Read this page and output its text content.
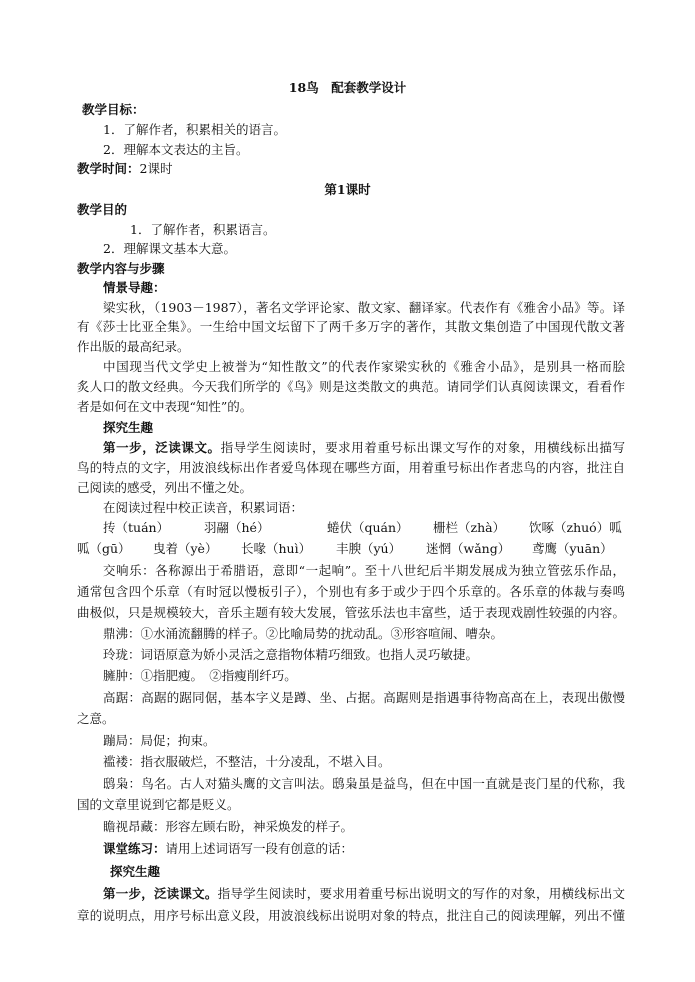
18鸟　配套教学设计
教学目标：
1．了解作者，积累相关的语言。
2．理解本文表达的主旨。
教学时间：2课时
第1课时
教学目的
1．了解作者，积累语言。
2．理解课文基本大意。
教学内容与步骤
情景导趣：
梁实秋，（1903－1987），著名文学评论家、散文家、翻译家。代表作有《雅舍小品》等。译
有《莎士比亚全集》。一生给中国文坛留下了两千多万字的著作，其散文集创造了中国现代散文著
作出版的最高纪录。
中国现当代文学史上被誉为“知性散文”的代表作家梁实秋的《雅舍小品》，是别具一格而脍
炙人口的散文经典。今天我们所学的《鸟》则是这类散文的典范。请同学们认真阅读课文，看看作
者是如何在文中表现“知性”的。
探究生趣
第一步，泛读课文。指导学生阅读时，要求用着重号标出课文写作的对象，用横线标出描写
鸟的特点的文字，用波浪线标出作者爱鸟体现在哪些方面，用着重号标出作者悲鸟的内容，批注自
己阅读的感受，列出不懂之处。
在阅读过程中校正读音，积累词语：
抟（tuán）	羽翮（hé）	蜷伏（quán） 栅栏（zhà） 饮啄（zhuó）呱
呱（gū） 曳着（yè） 长喙（huì） 丰腴（yú） 迷惘（wǎng） 鸢鹰（yuān）
交响乐：各称源出于希腊语，意即“一起响”。至十八世纪后半期发展成为独立管弦乐作品，
通常包含四个乐章（有时冠以慢板引子），个别也有多于或少于四个乐章的。各乐章的体裁与奏鸣
曲极似，只是规模较大，音乐主题有较大发展，管弦乐法也丰富些，适于表现戏剧性较强的内容。
鼎沸：①水涌流翻腾的样子。②比喻局势的扰动乱。③形容喧闹、嘈杂。
玲珑：词语原意为娇小灵活之意指物体精巧细致。也指人灵巧敏捷。
臃肿：①指肥瘦。　②指瘦削纤巧。
高踞：高踞的踞同倨，基本字义是蹲、坐、占据。高踞则是指遇事待物高高在上，表现出傲慢
之意。
蹦局：局促；拘束。
褴褛：指衣服破烂，不整洁，十分凌乱，不堪入目。
鸱枭：鸟名。古人对猫头鹰的文言叫法。鸱枭虽是益鸟，但在中国一直就是丧门星的代称，我
国的文章里说到它都是贬义。
瞻视昂藏：形容左顾右盼，神采焕发的样子。
课堂练习：请用上述词语写一段有创意的话：
探究生趣
第一步，泛读课文。指导学生阅读时，要求用着重号标出说明文的写作的对象，用横线标出文
章的说明点，用序号标出意义段，用波浪线标出说明对象的特点，批注自己的阅读理解，列出不懂
